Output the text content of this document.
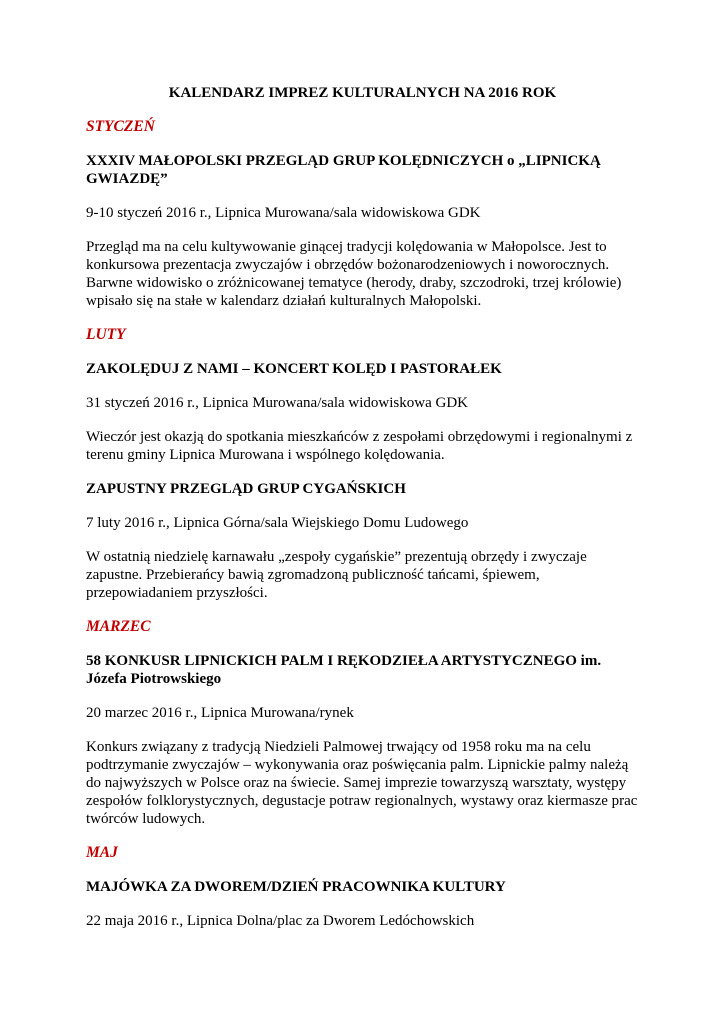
KALENDARZ IMPREZ KULTURALNYCH NA 2016 ROK
STYCZEŃ
XXXIV MAŁOPOLSKI PRZEGLĄD GRUP KOLĘDNICZYCH o „LIPNICKĄ GWIAZDĘ”
9-10 styczeń 2016 r., Lipnica Murowana/sala widowiskowa GDK
Przegląd ma na celu kultywowanie ginącej tradycji kolędowania w Małopolsce. Jest to konkursowa prezentacja zwyczajów i obrzędów bożonarodzeniowych i noworocznych. Barwne widowisko o zróżnicowanej tematyce (herody, draby, szczodroki, trzej królowie) wpisało się na stałe w kalendarz działań kulturalnych Małopolski.
LUTY
ZAKOLĘDUJ Z NAMI – KONCERT KOLĘD I PASTORAŁEK
31 styczeń 2016 r., Lipnica Murowana/sala widowiskowa GDK
Wieczór jest okazją do spotkania mieszkańców z zespołami obrzędowymi i regionalnymi z terenu gminy Lipnica Murowana i wspólnego kolędowania.
ZAPUSTNY PRZEGLĄD GRUP CYGAŃSKICH
7 luty 2016 r., Lipnica Górna/sala Wiejskiego Domu Ludowego
W ostatnią niedzielę karnawału „zespoły cygańskie” prezentują obrzędy i zwyczaje zapustne. Przebierańcy bawią zgromadzoną publiczność tańcami, śpiewem, przepowiadaniem przyszłości.
MARZEC
58 KONKUSR LIPNICKICH PALM I RĘKODZIEŁA ARTYSTYCZNEGO im. Józefa Piotrowskiego
20 marzec 2016 r., Lipnica Murowana/rynek
Konkurs związany z tradycją Niedzieli Palmowej trwający od 1958 roku ma na celu podtrzymanie zwyczajów – wykonywania oraz poświęcania palm. Lipnickie palmy należą do najwyższych w Polsce oraz na świecie. Samej imprezie towarzyszą warsztaty, występy zespołów folklorystycznych, degustacje potraw regionalnych, wystawy oraz kiermasze prac twórców ludowych.
MAJ
MAJÓWKA ZA DWOREM/DZIEŃ PRACOWNIKA KULTURY
22 maja 2016 r., Lipnica Dolna/plac za Dworem Ledóchowskich
